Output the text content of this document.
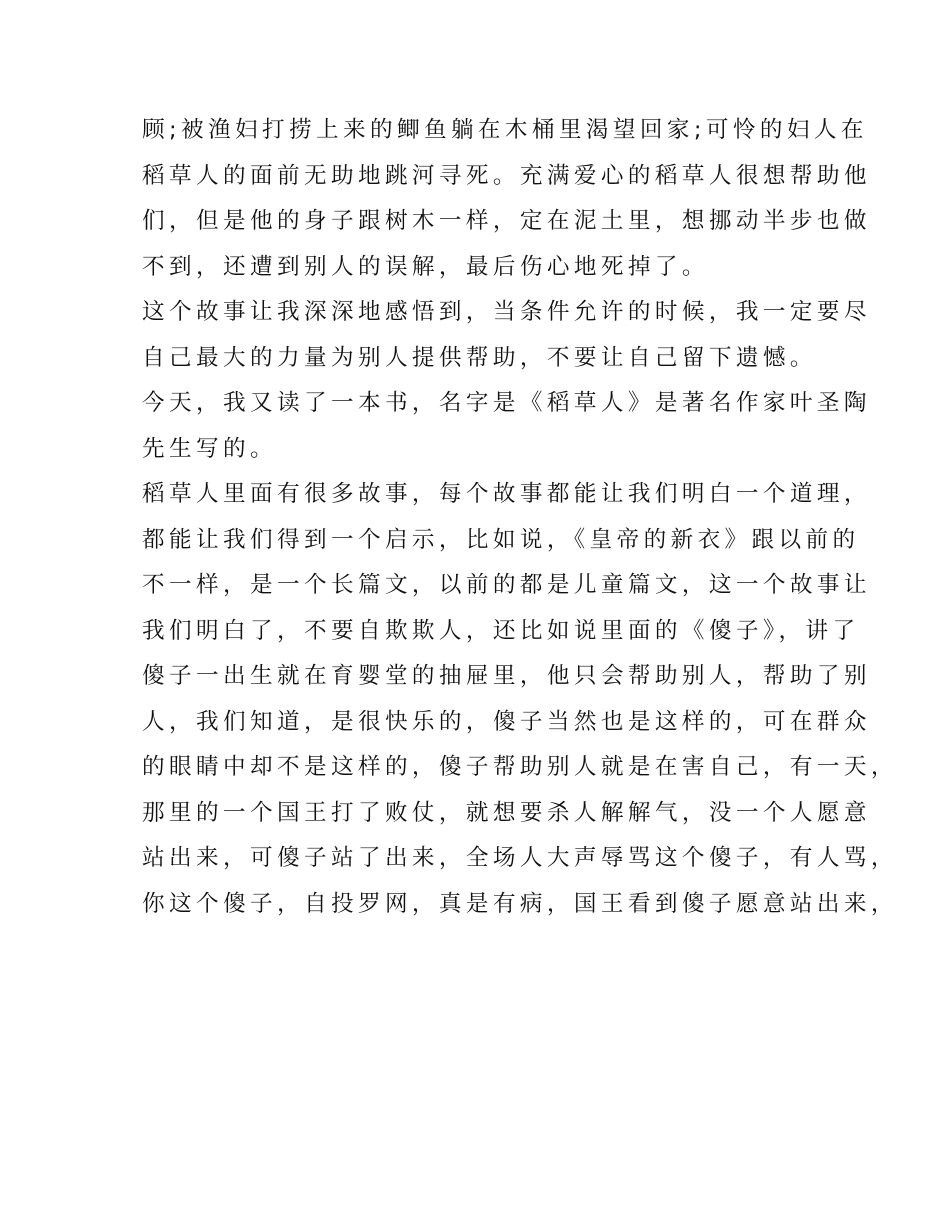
顾;被渔妇打捞上来的鲫鱼躺在木桶里渴望回家;可怜的妇人在

稻草人的面前无助地跳河寻死。充满爱心的稻草人很想帮助他

们，但是他的身子跟树木一样，定在泥土里，想挪动半步也做

不到，还遭到别人的误解，最后伤心地死掉了。

这个故事让我深深地感悟到，当条件允许的时候，我一定要尽

自己最大的力量为别人提供帮助，不要让自己留下遗憾。

今天，我又读了一本书，名字是《稻草人》是著名作家叶圣陶

先生写的。

稻草人里面有很多故事，每个故事都能让我们明白一个道理，

都能让我们得到一个启示，比如说，《皇帝的新衣》跟以前的

不一样，是一个长篇文，以前的都是儿童篇文，这一个故事让

我们明白了，不要自欺欺人，还比如说里面的《傻子》，讲了

傻子一出生就在育婴堂的抽屉里，他只会帮助别人，帮助了别

人，我们知道，是很快乐的，傻子当然也是这样的，可在群众

的眼睛中却不是这样的，傻子帮助别人就是在害自己，有一天，

那里的一个国王打了败仗，就想要杀人解解气，没一个人愿意

站出来，可傻子站了出来，全场人大声辱骂这个傻子，有人骂，

你这个傻子，自投罗网，真是有病，国王看到傻子愿意站出来，
